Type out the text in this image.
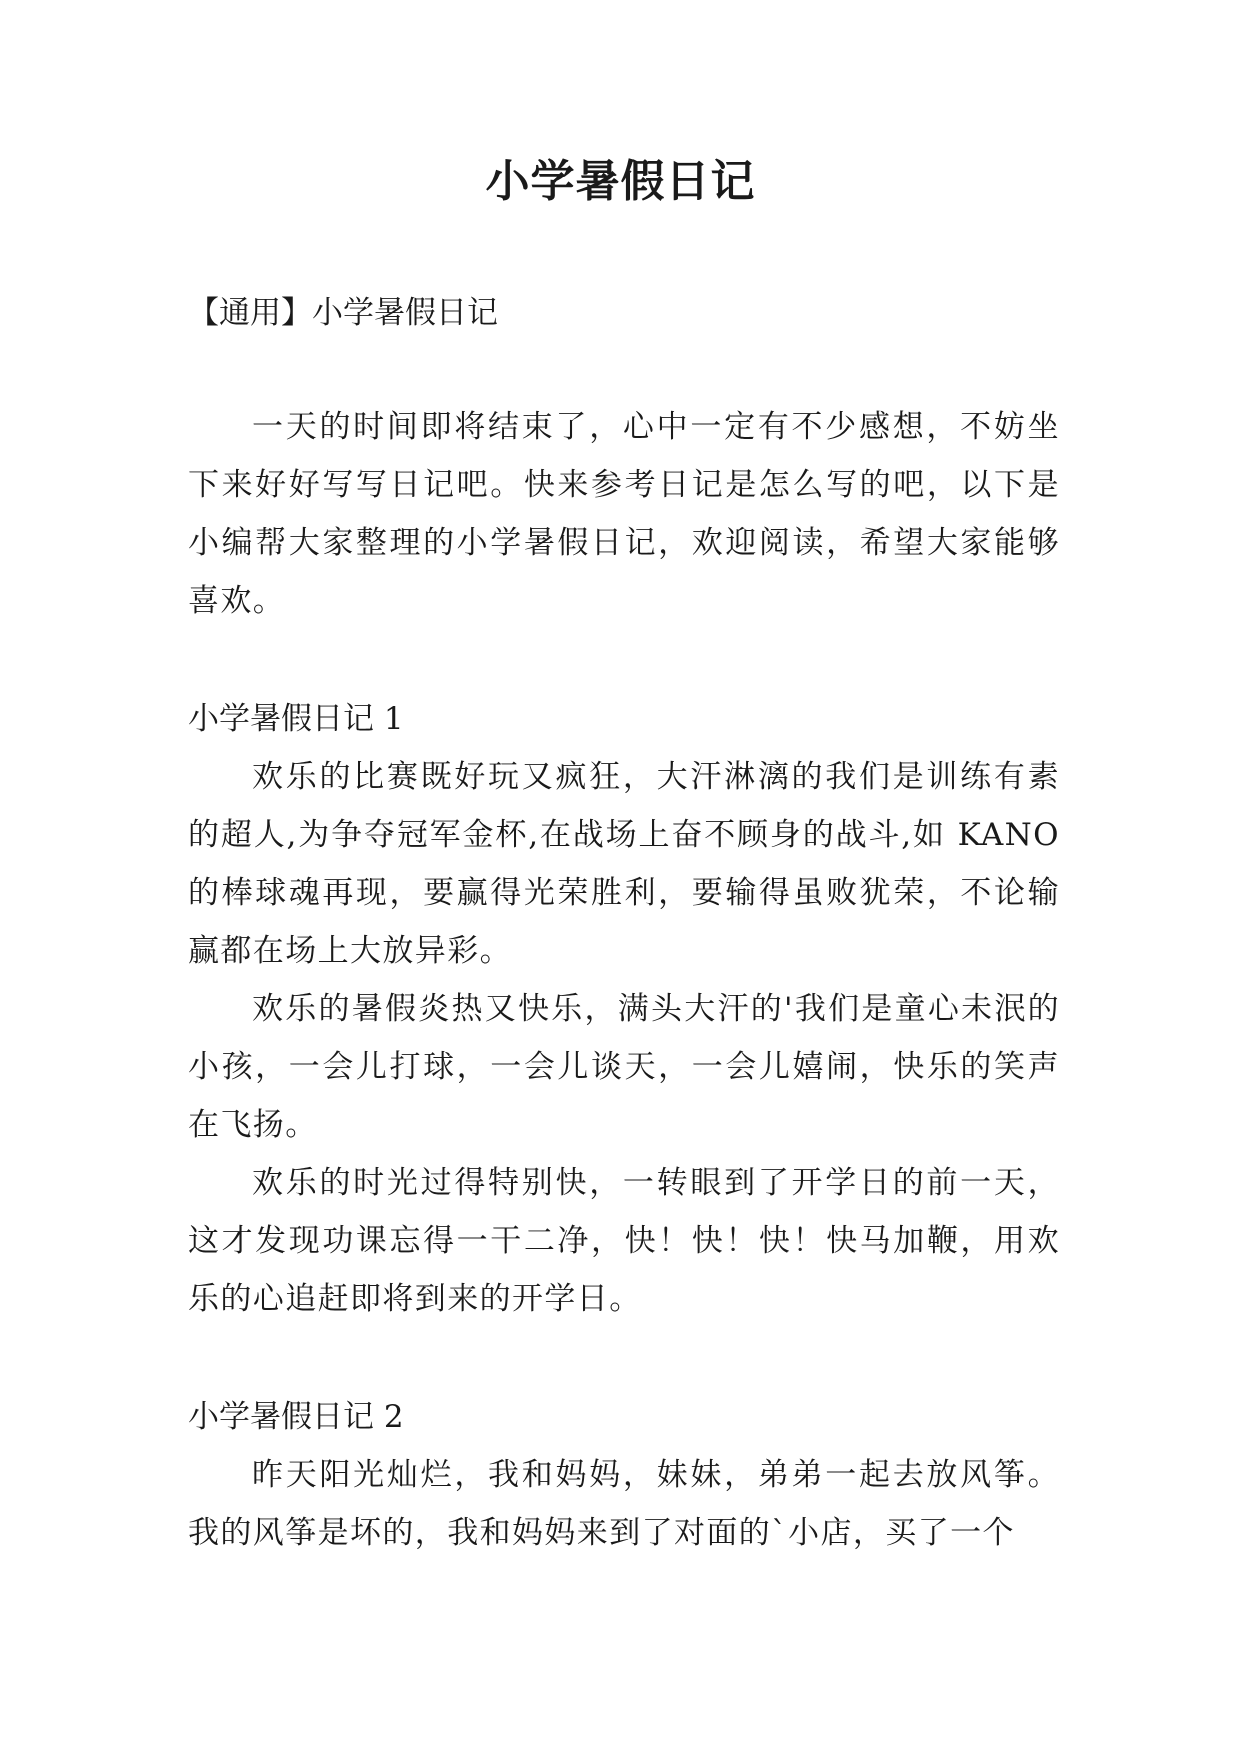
小学暑假日记

【通用】小学暑假日记

一天的时间即将结束了，心中一定有不少感想，不妨坐下来好好写写日记吧。快来参考日记是怎么写的吧，以下是小编帮大家整理的小学暑假日记，欢迎阅读，希望大家能够喜欢。

小学暑假日记 1

欢乐的比赛既好玩又疯狂，大汗淋漓的我们是训练有素的超人,为争夺冠军金杯,在战场上奋不顾身的战斗,如 KANO 的棒球魂再现，要赢得光荣胜利，要输得虽败犹荣，不论输赢都在场上大放异彩。

欢乐的暑假炎热又快乐，满头大汗的'我们是童心未泯的小孩，一会儿打球，一会儿谈天，一会儿嬉闹，快乐的笑声在飞扬。

欢乐的时光过得特别快，一转眼到了开学日的前一天，这才发现功课忘得一干二净，快！快！快！快马加鞭，用欢乐的心追赶即将到来的开学日。

小学暑假日记 2

昨天阳光灿烂，我和妈妈，妹妹，弟弟一起去放风筝。我的风筝是坏的，我和妈妈来到了对面的`小店，买了一个
